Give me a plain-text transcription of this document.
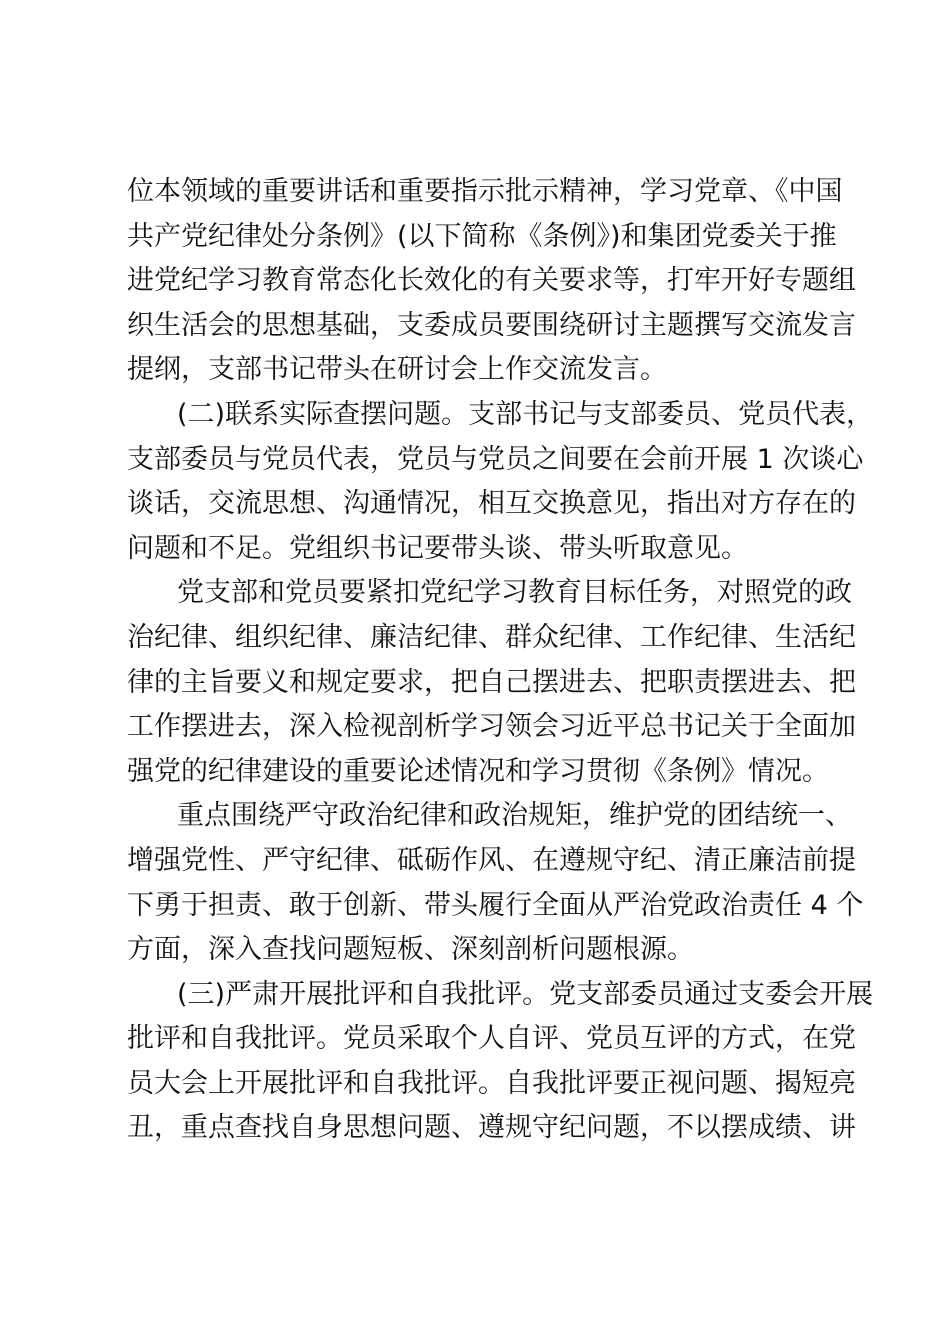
位本领域的重要讲话和重要指示批示精神，学习党章、《中国
共产党纪律处分条例》(以下简称《条例》)和集团党委关于推
进党纪学习教育常态化长效化的有关要求等，打牢开好专题组
织生活会的思想基础，支委成员要围绕研讨主题撰写交流发言
提纲，支部书记带头在研讨会上作交流发言。

(二)联系实际查摆问题。支部书记与支部委员、党员代表，
支部委员与党员代表，党员与党员之间要在会前开展 1 次谈心
谈话，交流思想、沟通情况，相互交换意见，指出对方存在的
问题和不足。党组织书记要带头谈、带头听取意见。

党支部和党员要紧扣党纪学习教育目标任务，对照党的政
治纪律、组织纪律、廉洁纪律、群众纪律、工作纪律、生活纪
律的主旨要义和规定要求，把自己摆进去、把职责摆进去、把
工作摆进去，深入检视剖析学习领会习近平总书记关于全面加
强党的纪律建设的重要论述情况和学习贯彻《条例》情况。

重点围绕严守政治纪律和政治规矩，维护党的团结统一、
增强党性、严守纪律、砥砺作风、在遵规守纪、清正廉洁前提
下勇于担责、敢于创新、带头履行全面从严治党政治责任 4 个
方面，深入查找问题短板、深刻剖析问题根源。

(三)严肃开展批评和自我批评。党支部委员通过支委会开展
批评和自我批评。党员采取个人自评、党员互评的方式，在党
员大会上开展批评和自我批评。自我批评要正视问题、揭短亮
丑，重点查找自身思想问题、遵规守纪问题，不以摆成绩、讲
